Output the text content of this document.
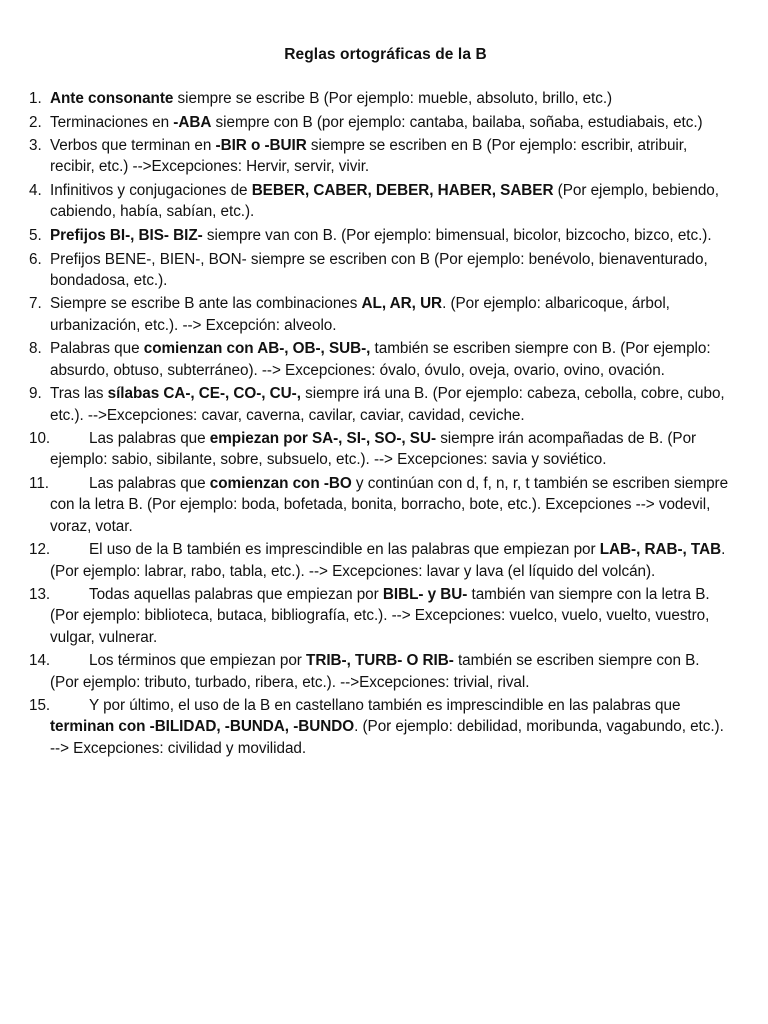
Reglas ortográficas de la B
1. Ante consonante siempre se escribe B (Por ejemplo: mueble, absoluto, brillo, etc.)
2. Terminaciones en -ABA siempre con B (por ejemplo: cantaba, bailaba, soñaba, estudiabais, etc.)
3. Verbos que terminan en -BIR o -BUIR siempre se escriben en B (Por ejemplo: escribir, atribuir, recibir, etc.) -->Excepciones: Hervir, servir, vivir.
4. Infinitivos y conjugaciones de BEBER, CABER, DEBER, HABER, SABER (Por ejemplo, bebiendo, cabiendo, había, sabían, etc.).
5. Prefijos BI-, BIS- BIZ- siempre van con B. (Por ejemplo: bimensual, bicolor, bizcocho, bizco, etc.).
6. Prefijos BENE-, BIEN-, BON- siempre se escriben con B (Por ejemplo: benévolo, bienaventurado, bondadosa, etc.).
7. Siempre se escribe B ante las combinaciones AL, AR, UR. (Por ejemplo: albaricoque, árbol, urbanización, etc.). --> Excepción: alveolo.
8. Palabras que comienzan con AB-, OB-, SUB-, también se escriben siempre con B. (Por ejemplo: absurdo, obtuso, subterráneo). --> Excepciones: óvalo, óvulo, oveja, ovario, ovino, ovación.
9. Tras las sílabas CA-, CE-, CO-, CU-, siempre irá una B. (Por ejemplo: cabeza, cebolla, cobre, cubo, etc.). -->Excepciones: cavar, caverna, cavilar, caviar, cavidad, ceviche.
10.	Las palabras que empiezan por SA-, SI-, SO-, SU- siempre irán acompañadas de B. (Por ejemplo: sabio, sibilante, sobre, subsuelo, etc.). --> Excepciones: savia y soviético.
11.	Las palabras que comienzan con -BO y continúan con d, f, n, r, t también se escriben siempre con la letra B. (Por ejemplo: boda, bofetada, bonita, borracho, bote, etc.). Excepciones --> vodevil, voraz, votar.
12.	El uso de la B también es imprescindible en las palabras que empiezan por LAB-, RAB-, TAB. (Por ejemplo: labrar, rabo, tabla, etc.). --> Excepciones: lavar y lava (el líquido del volcán).
13.	Todas aquellas palabras que empiezan por BIBL- y BU- también van siempre con la letra B. (Por ejemplo: biblioteca, butaca, bibliografía, etc.). --> Excepciones: vuelco, vuelo, vuelto, vuestro, vulgar, vulnerar.
14.	Los términos que empiezan por TRIB-, TURB- O RIB- también se escriben siempre con B. (Por ejemplo: tributo, turbado, ribera, etc.). -->Excepciones: trivial, rival.
15.	Y por último, el uso de la B en castellano también es imprescindible en las palabras que terminan con -BILIDAD, -BUNDA, -BUNDO. (Por ejemplo: debilidad, moribunda, vagabundo, etc.). --> Excepciones: civilidad y movilidad.
